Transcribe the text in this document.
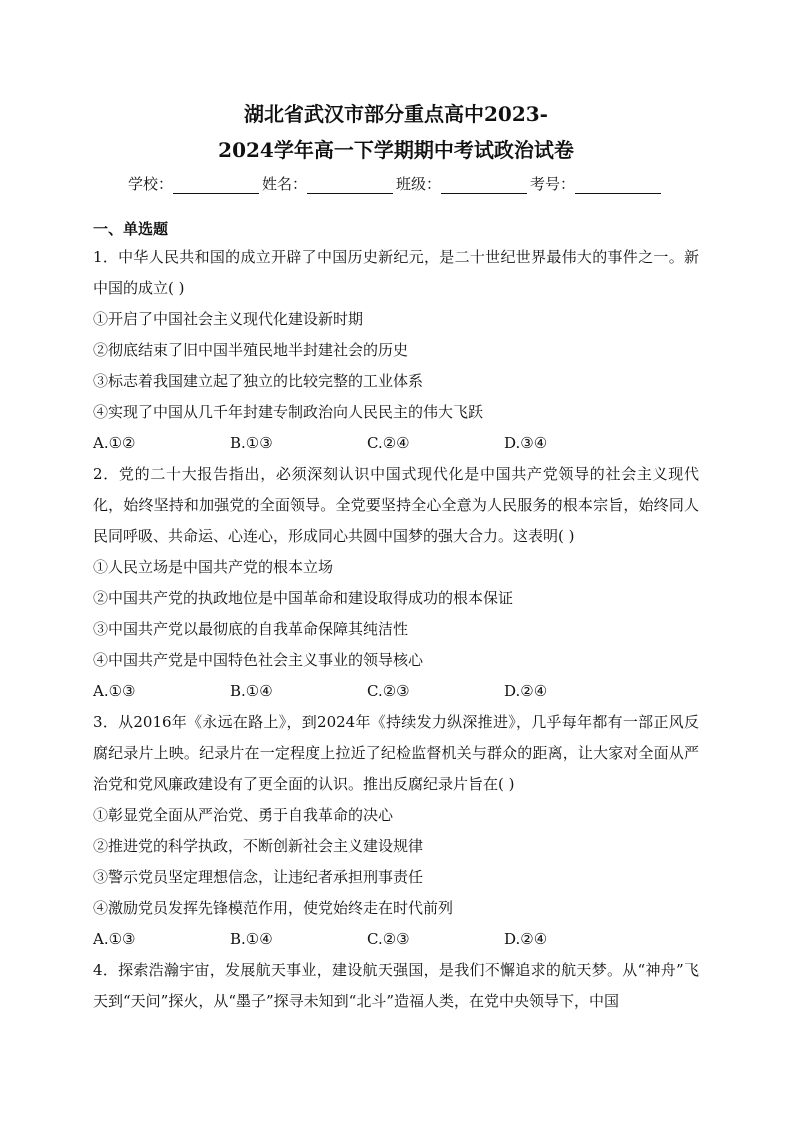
湖北省武汉市部分重点高中2023-
2024学年高一下学期期中考试政治试卷
学校：	姓名：	班级：	考号：
一、单选题

1．中华人民共和国的成立开辟了中国历史新纪元，是二十世纪世界最伟大的事件之一。新中国的成立( )

①开启了中国社会主义现代化建设新时期

②彻底结束了旧中国半殖民地半封建社会的历史

③标志着我国建立起了独立的比较完整的工业体系

④实现了中国从几千年封建专制政治向人民民主的伟大飞跃

A.①②	B.①③	C.②④	D.③④

2．党的二十大报告指出，必须深刻认识中国式现代化是中国共产党领导的社会主义现代化，始终坚持和加强党的全面领导。全党要坚持全心全意为人民服务的根本宗旨，始终同人民同呼吸、共命运、心连心，形成同心共圆中国梦的强大合力。这表明( )

①人民立场是中国共产党的根本立场

②中国共产党的执政地位是中国革命和建设取得成功的根本保证

③中国共产党以最彻底的自我革命保障其纯洁性

④中国共产党是中国特色社会主义事业的领导核心

A.①③	B.①④	C.②③	D.②④

3．从2016年《永远在路上》，到2024年《持续发力纵深推进》，几乎每年都有一部正风反腐纪录片上映。纪录片在一定程度上拉近了纪检监督机关与群众的距离，让大家对全面从严治党和党风廉政建设有了更全面的认识。推出反腐纪录片旨在( )

①彰显党全面从严治党、勇于自我革命的决心

②推进党的科学执政，不断创新社会主义建设规律

③警示党员坚定理想信念，让违纪者承担刑事责任

④激励党员发挥先锋模范作用，使党始终走在时代前列

A.①③	B.①④	C.②③	D.②④

4．探索浩瀚宇宙，发展航天事业，建设航天强国，是我们不懈追求的航天梦。从“神舟”飞天到“天问”探火，从“墨子”探寻未知到“北斗”造福人类，在党中央领导下，中国
